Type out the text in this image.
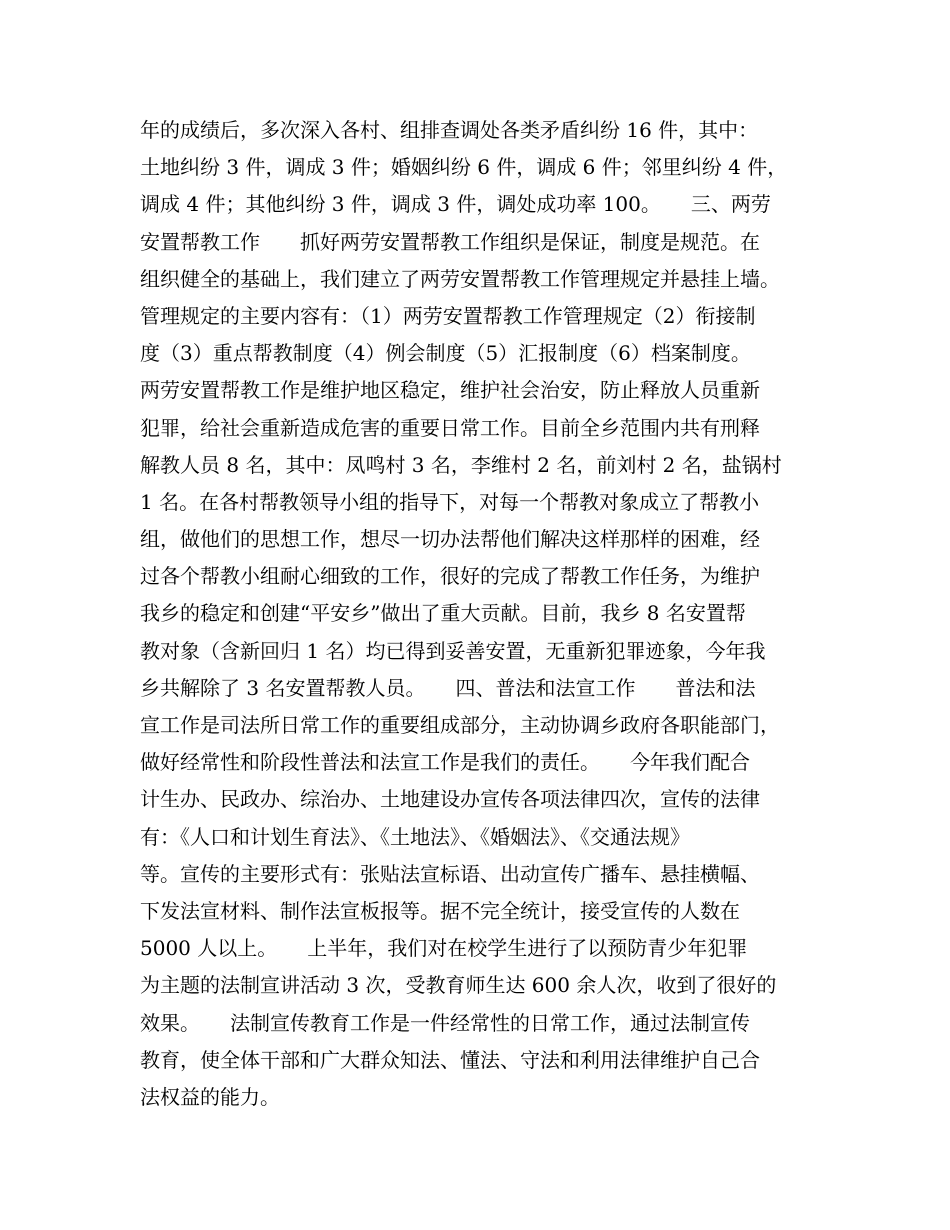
年的成绩后，多次深入各村、组排查调处各类矛盾纠纷 16 件，其中：
土地纠纷 3 件，调成 3 件；婚姻纠纷 6 件，调成 6 件；邻里纠纷 4 件，
调成 4 件；其他纠纷 3 件，调成 3 件，调处成功率 100。　　三、两劳
安置帮教工作　　抓好两劳安置帮教工作组织是保证，制度是规范。在
组织健全的基础上，我们建立了两劳安置帮教工作管理规定并悬挂上墙。
管理规定的主要内容有：（1）两劳安置帮教工作管理规定（2）衔接制
度（3）重点帮教制度（4）例会制度（5）汇报制度（6）档案制度。
两劳安置帮教工作是维护地区稳定，维护社会治安，防止释放人员重新
犯罪，给社会重新造成危害的重要日常工作。目前全乡范围内共有刑释
解教人员 8 名，其中：凤鸣村 3 名，李维村 2 名，前刘村 2 名，盐锅村
1 名。在各村帮教领导小组的指导下，对每一个帮教对象成立了帮教小
组，做他们的思想工作，想尽一切办法帮他们解决这样那样的困难，经
过各个帮教小组耐心细致的工作，很好的完成了帮教工作任务，为维护
我乡的稳定和创建“平安乡”做出了重大贡献。目前，我乡 8 名安置帮
教对象（含新回归 1 名）均已得到妥善安置，无重新犯罪迹象，今年我
乡共解除了 3 名安置帮教人员。　　四、普法和法宣工作　　普法和法
宣工作是司法所日常工作的重要组成部分，主动协调乡政府各职能部门，
做好经常性和阶段性普法和法宣工作是我们的责任。　　今年我们配合
计生办、民政办、综治办、土地建设办宣传各项法律四次，宣传的法律
有：《人口和计划生育法》、《土地法》、《婚姻法》、《交通法规》
等。宣传的主要形式有：张贴法宣标语、出动宣传广播车、悬挂横幅、
下发法宣材料、制作法宣板报等。据不完全统计，接受宣传的人数在
5000 人以上。　　上半年，我们对在校学生进行了以预防青少年犯罪
为主题的法制宣讲活动 3 次，受教育师生达 600 余人次，收到了很好的
效果。　　法制宣传教育工作是一件经常性的日常工作，通过法制宣传
教育，使全体干部和广大群众知法、懂法、守法和利用法律维护自己合
法权益的能力。
